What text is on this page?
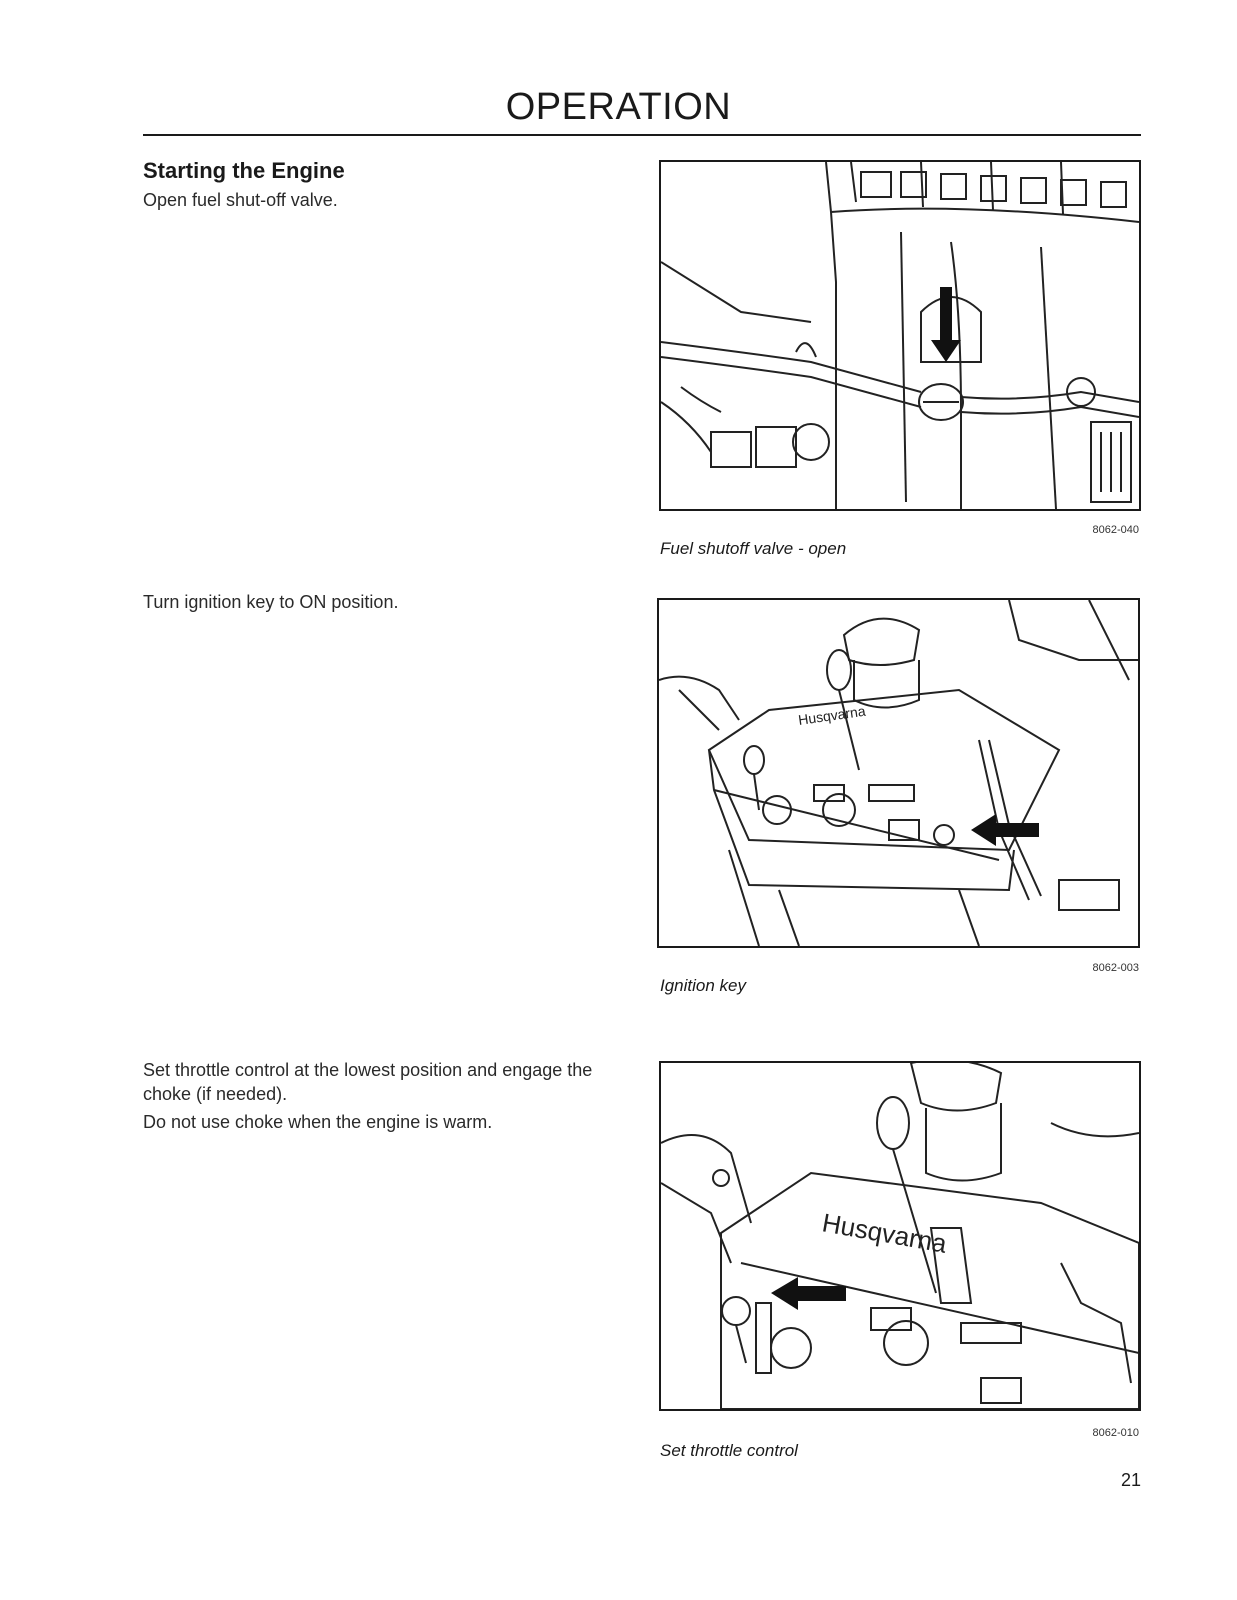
OPERATION
Starting the Engine

Open fuel shut-off valve.

8062-040
Fuel shutoff valve - open

Turn ignition key to ON position.

Husqvarna
8062-003
Ignition key

Set throttle control at the lowest position and engage the choke (if needed).

Do not use choke when the engine is warm.

Husqvarna
8062-010
Set throttle control
21
